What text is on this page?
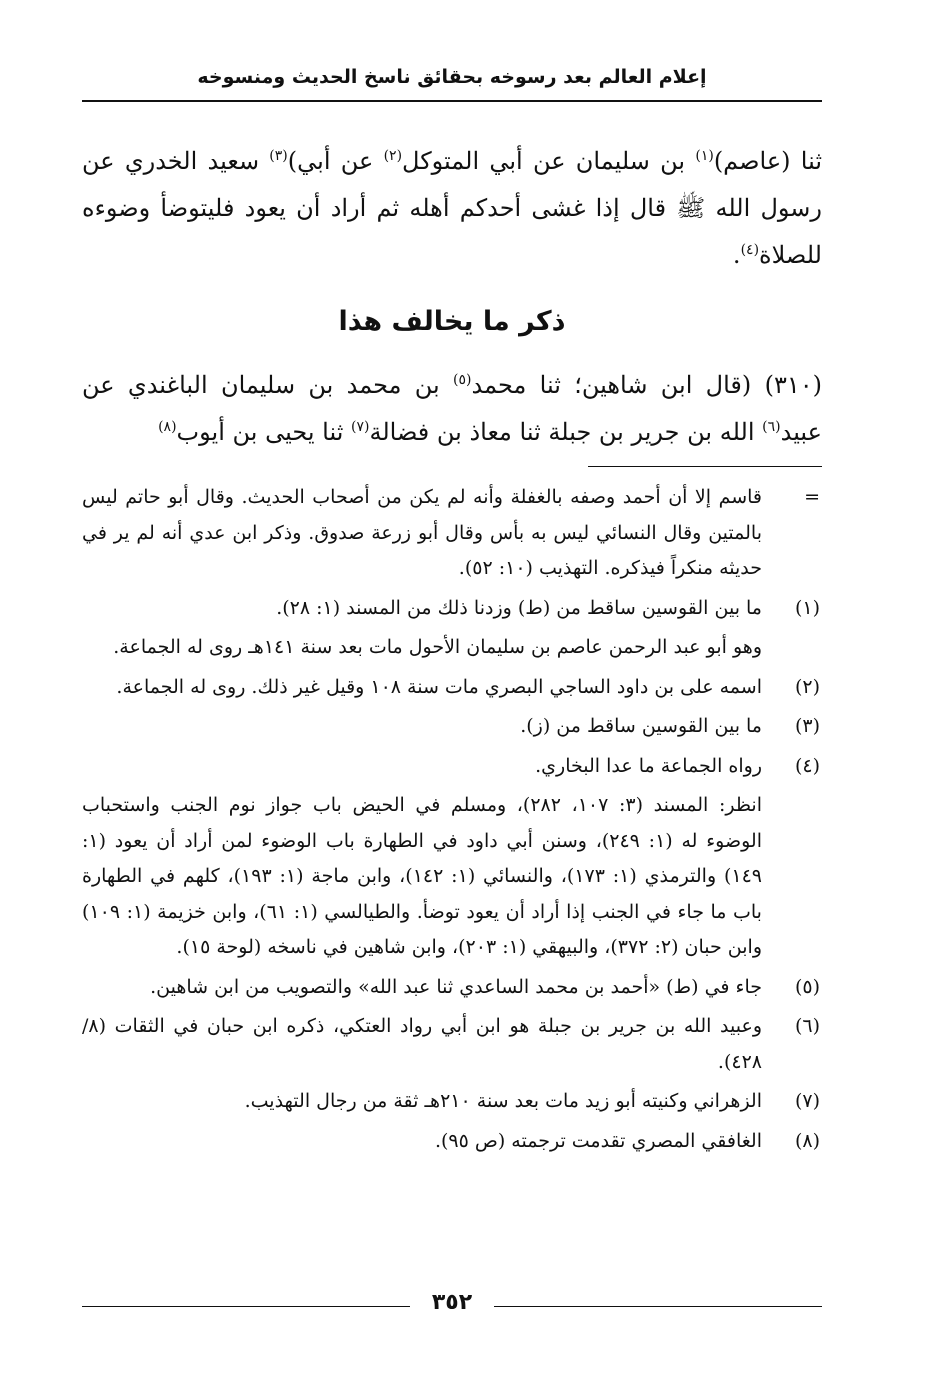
إعلام العالم بعد رسوخه بحقائق ناسخ الحديث ومنسوخه

ثنا (عاصم)$^{(١)}$ بن سليمان عن أبي المتوكل$^{(٢)}$ عن أبي)$^{(٣)}$ سعيد الخدري عن رسول الله ﷺ قال إذا غشى أحدكم أهله ثم أراد أن يعود فليتوضأ وضوءه للصلاة$^{(٤)}$.

ذكر ما يخالف هذا

(٣١٠) (قال ابن شاهين؛ ثنا محمد$^{(٥)}$ بن محمد بن سليمان الباغندي عن عبيد$^{(٦)}$ الله بن جرير بن جبلة ثنا معاذ بن فضالة$^{(٧)}$ ثنا يحيى بن أيوب$^{(٨)}$

=
قاسم إلا أن أحمد وصفه بالغفلة وأنه لم يكن من أصحاب الحديث. وقال أبو حاتم ليس بالمتين وقال النسائي ليس به بأس وقال أبو زرعة صدوق. وذكر ابن عدي أنه لم ير في حديثه منكراً فيذكره. التهذيب (١٠: ٥٢).
(١)
ما بين القوسين ساقط من (ط) وزدنا ذلك من المسند (١: ٢٨).
وهو أبو عبد الرحمن عاصم بن سليمان الأحول مات بعد سنة ١٤١هـ روى له الجماعة.
(٢)
اسمه على بن داود الساجي البصري مات سنة ١٠٨ وقيل غير ذلك. روى له الجماعة.
(٣)
ما بين القوسين ساقط من (ز).
(٤)
رواه الجماعة ما عدا البخاري.
انظر: المسند (٣: ١٠٧، ٢٨٢)، ومسلم في الحيض باب جواز نوم الجنب واستحباب الوضوء له (١: ٢٤٩)، وسنن أبي داود في الطهارة باب الوضوء لمن أراد أن يعود (١: ١٤٩) والترمذي (١: ١٧٣)، والنسائي (١: ١٤٢)، وابن ماجة (١: ١٩٣)، كلهم في الطهارة باب ما جاء في الجنب إذا أراد أن يعود توضأ. والطيالسي (١: ٦١)، وابن خزيمة (١: ١٠٩) وابن حبان (٢: ٣٧٢)، والبيهقي (١: ٢٠٣)، وابن شاهين في ناسخه (لوحة ١٥).
(٥)
جاء في (ط) «أحمد بن محمد الساعدي ثنا عبد الله» والتصويب من ابن شاهين.
(٦)
وعبيد الله بن جرير بن جبلة هو ابن أبي رواد العتكي، ذكره ابن حبان في الثقات (٨/ ٤٢٨).
(٧)
الزهراني وكنيته أبو زيد مات بعد سنة ٢١٠هـ ثقة من رجال التهذيب.
(٨)
الغافقي المصري تقدمت ترجمته (ص ٩٥).
٣٥٢
